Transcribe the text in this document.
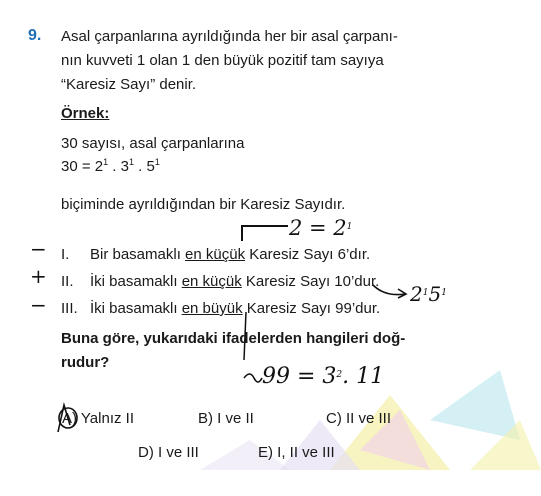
9. Asal çarpanlarına ayrıldığında her bir asal çarpanı-
nın kuvveti 1 olan 1 den büyük pozitif tam sayıya
“Karesiz Sayı” denir.
Örnek:
30 sayısı, asal çarpanlarına
$30 = 2^1$ . $3^1$ . $5^1$
biçiminde ayrıldığından bir Karesiz Sayıdır.
I. Bir basamaklı en küçük Karesiz Sayı 6’dır.
II. İki basamaklı en küçük Karesiz Sayı 10’dur.
III. İki basamaklı en büyük Karesiz Sayı 99’dur.
Buna göre, yukarıdaki ifadelerden hangileri doğ-
rudur?
A) Yalnız II	B) I ve II	C) II ve III
D) I ve III	E) I, II ve III
$2 = 2^1$
−
+
−	$2^15^1$
$99 = 3^2$. 11
